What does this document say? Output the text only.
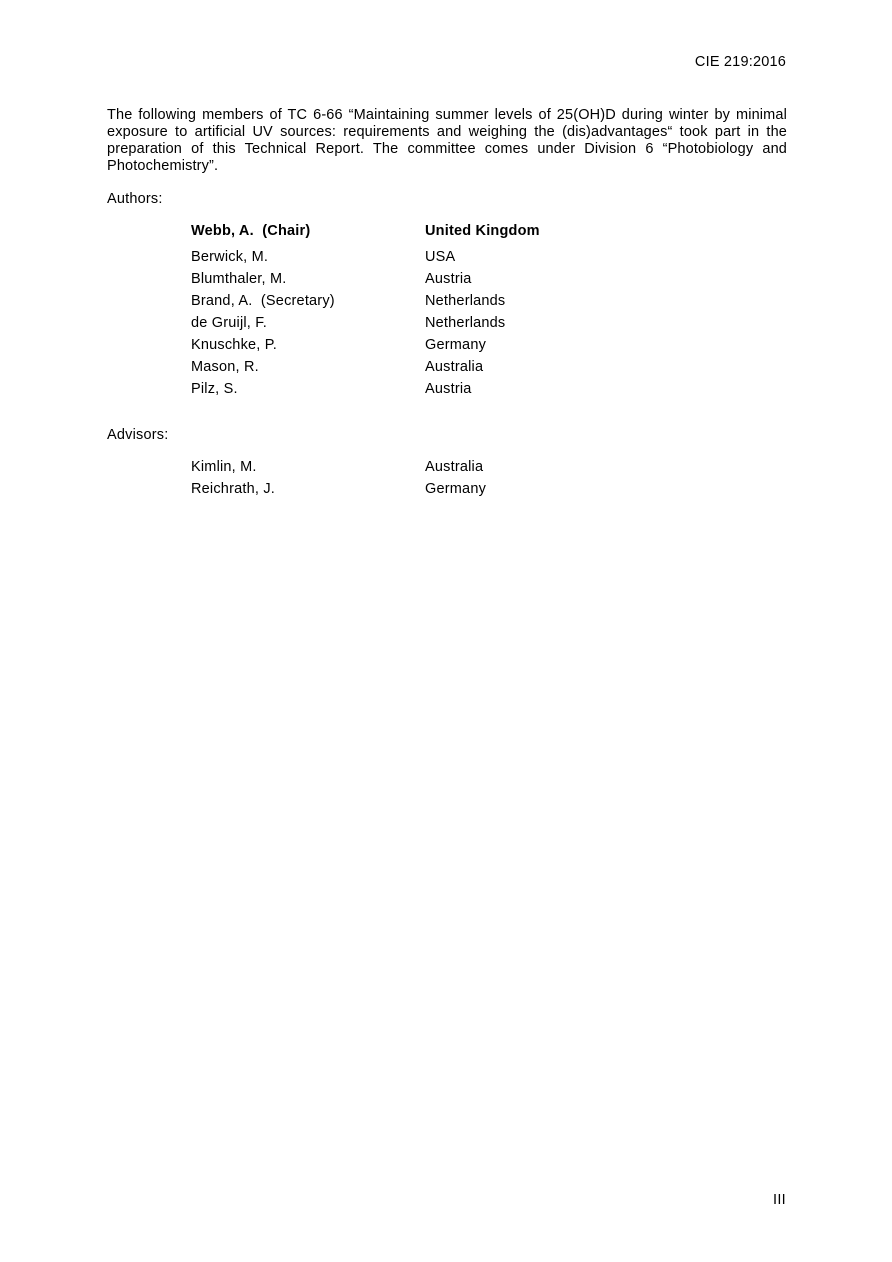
CIE 219:2016

The following members of TC 6-66 “Maintaining summer levels of 25(OH)D during winter by minimal exposure to artificial UV sources: requirements and weighing the (dis)advantages“ took part in the preparation of this Technical Report. The committee comes under Division 6 “Photobiology and Photochemistry”.

Authors:
Webb, A.  (Chair)	United Kingdom
Berwick, M.	USA
Blumthaler, M.	Austria
Brand, A.  (Secretary)	Netherlands
de Gruijl, F.	Netherlands
Knuschke, P.	Germany
Mason, R.	Australia
Pilz, S.	Austria
Advisors:
Kimlin, M.	Australia
Reichrath, J.	Germany
III
